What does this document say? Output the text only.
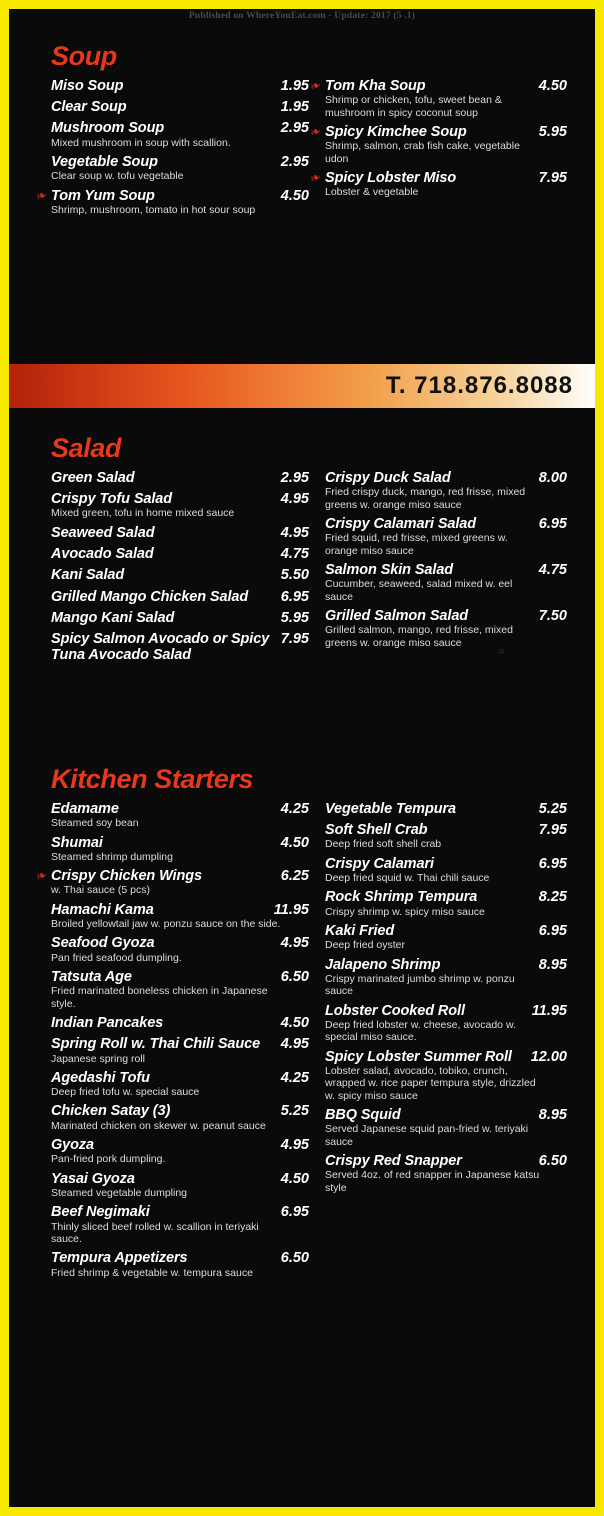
Published on WhereYouEat.com - Update: 2017 (5 .1)
Soup
Miso Soup	1.95
Clear Soup	1.95
Mushroom Soup	2.95
Mixed mushroom in soup with scallion.
Vegetable Soup	2.95
Clear soup w. tofu vegetable
❧ Tom Yum Soup	4.50
Shrimp, mushroom, tomato in hot sour soup
❧ Tom Kha Soup	4.50
Shrimp or chicken, tofu, sweet bean & mushroom in spicy coconut soup
❧ Spicy Kimchee Soup	5.95
Shrimp, salmon, crab fish cake, vegetable udon
❧ Spicy Lobster Miso	7.95
Lobster & vegetable
T. 718.876.8088
Salad
Green Salad	2.95
Crispy Tofu Salad	4.95
Mixed green, tofu in home mixed sauce
Seaweed Salad	4.95
Avocado Salad	4.75
Kani Salad	5.50
Grilled Mango Chicken Salad	6.95
Mango Kani Salad	5.95
Spicy Salmon Avocado or Spicy Tuna Avocado Salad
7.95
Crispy Duck Salad	8.00
Fried crispy duck, mango, red frisse, mixed greens w. orange miso sauce
Crispy Calamari Salad	6.95
Fried squid, red frisse, mixed greens w. orange miso sauce
Salmon Skin Salad	4.75
Cucumber, seaweed, salad mixed w. eel sauce
Grilled Salmon Salad	7.50
Grilled salmon, mango, red frisse, mixed greens w. orange miso sauce
○
Kitchen Starters
Edamame	4.25
Steamed soy bean
Shumai	4.50
Steamed shrimp dumpling
❧ Crispy Chicken Wings	6.25
w. Thai sauce (5 pcs)
Hamachi Kama	11.95
Broiled yellowtail jaw w. ponzu sauce on the side.
Seafood Gyoza	4.95
Pan fried seafood dumpling.
Tatsuta Age	6.50
Fried marinated boneless chicken in Japanese style.
Indian Pancakes	4.50
Spring Roll w. Thai Chili Sauce	4.95
Japanese spring roll
Agedashi Tofu	4.25
Deep fried tofu w. special sauce
Chicken Satay (3)	5.25
Marinated chicken on skewer w. peanut sauce
Gyoza	4.95
Pan-fried pork dumpling.
Yasai Gyoza	4.50
Steamed vegetable dumpling
Beef Negimaki	6.95
Thinly sliced beef rolled w. scallion in teriyaki sauce.
Tempura Appetizers	6.50
Fried shrimp & vegetable w. tempura sauce
Vegetable Tempura	5.25
Soft Shell Crab	7.95
Deep fried soft shell crab
Crispy Calamari	6.95
Deep fried squid w. Thai chili sauce
Rock Shrimp Tempura	8.25
Crispy shrimp w. spicy miso sauce
Kaki Fried	6.95
Deep fried oyster
Jalapeno Shrimp	8.95
Crispy marinated jumbo shrimp w. ponzu sauce
Lobster Cooked Roll	11.95
Deep fried lobster w. cheese, avocado w. special miso sauce.
Spicy Lobster Summer Roll	12.00
Lobster salad, avocado, tobiko, crunch, wrapped w. rice paper tempura style, drizzled w. spicy miso sauce
BBQ Squid	8.95
Served Japanese squid pan-fried w. teriyaki sauce
Crispy Red Snapper	6.50
Served 4oz. of red snapper in Japanese katsu style
